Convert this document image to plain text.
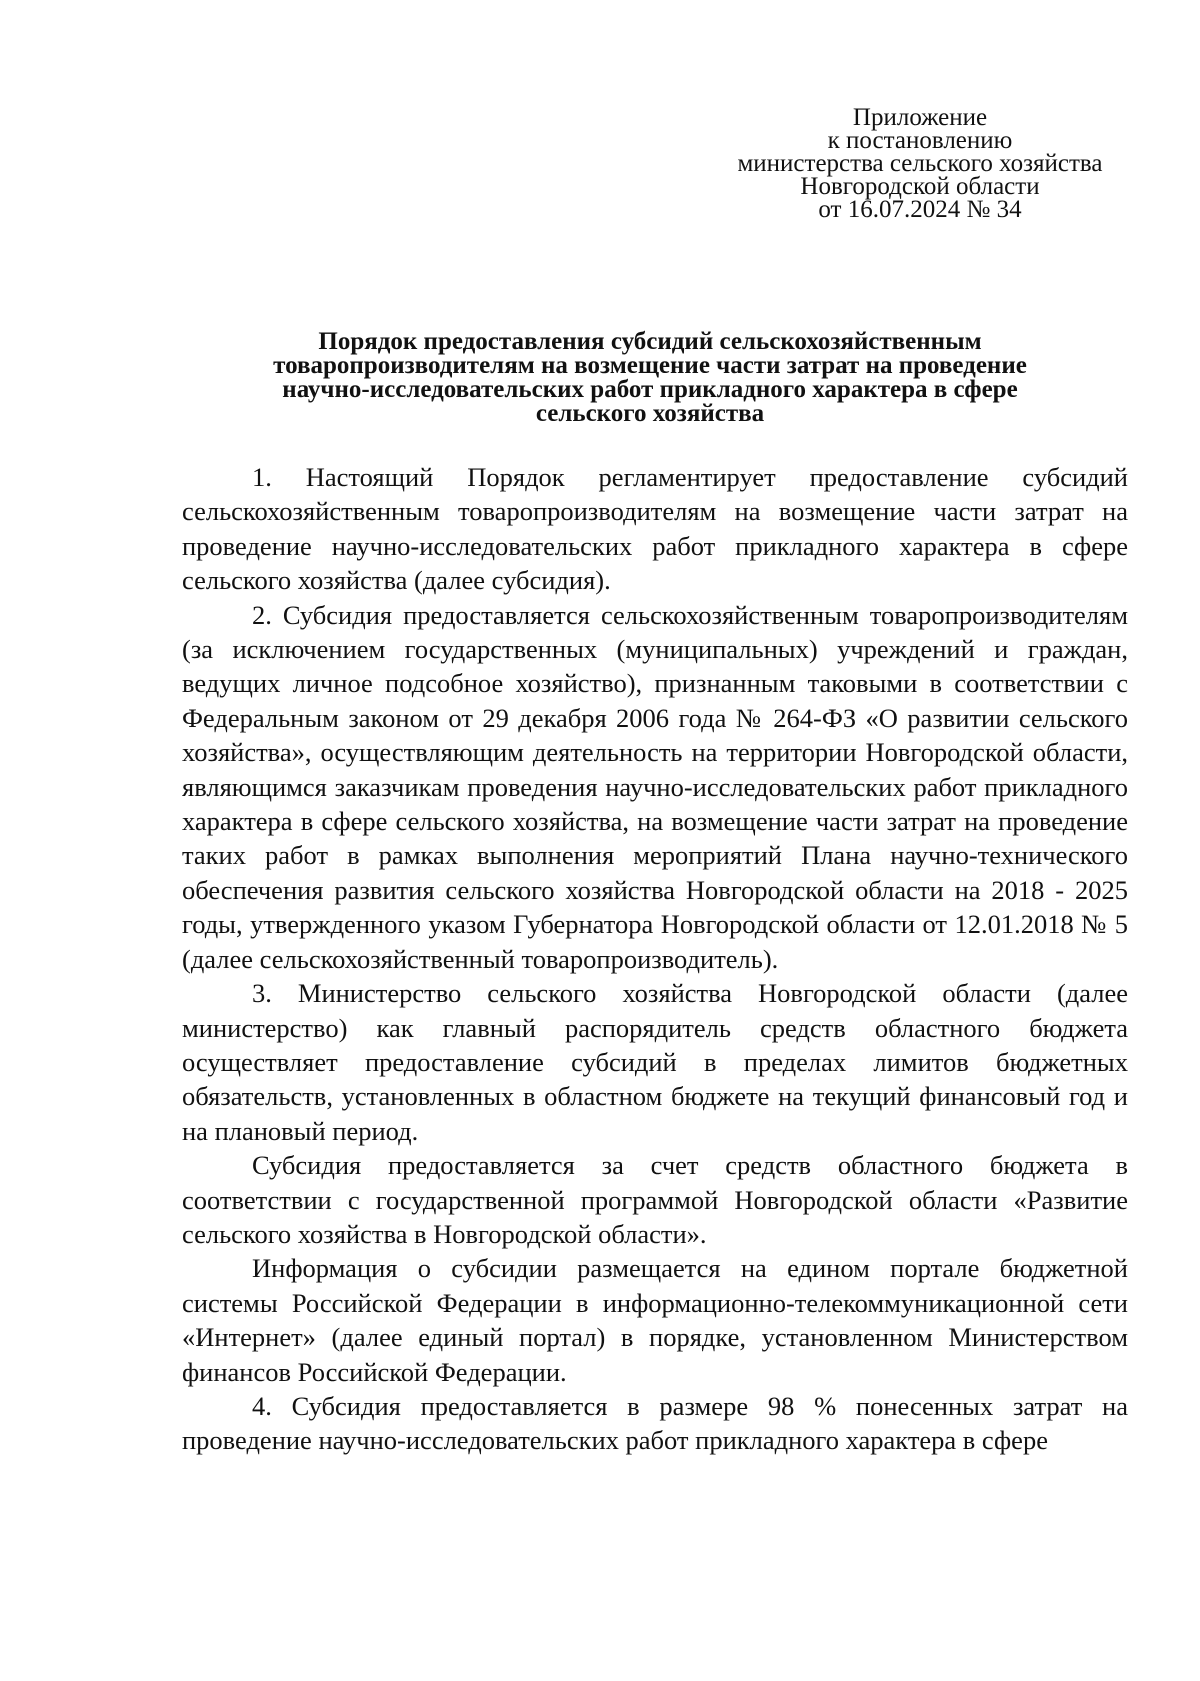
Приложение
к постановлению
министерства сельского хозяйства
Новгородской области
от 16.07.2024 № 34
Порядок предоставления субсидий сельскохозяйственным
товаропроизводителям на возмещение части затрат на проведение
научно-исследовательских работ прикладного характера в сфере
сельского хозяйства

1. Настоящий Порядок регламентирует предоставление субсидий сельскохозяйственным товаропроизводителям на возмещение части затрат на проведение научно-исследовательских работ прикладного характера в сфере сельского хозяйства (далее субсидия).

2. Субсидия предоставляется сельскохозяйственным товаропроизводителям (за исключением государственных (муниципальных) учреждений и граждан, ведущих личное подсобное хозяйство), признанным таковыми в соответствии с Федеральным законом от 29 декабря 2006 года № 264-ФЗ «О развитии сельского хозяйства», осуществляющим деятельность на территории Новгородской области, являющимся заказчикам проведения научно-исследовательских работ прикладного характера в сфере сельского хозяйства, на возмещение части затрат на проведение таких работ в рамках выполнения мероприятий Плана научно-технического обеспечения развития сельского хозяйства Новгородской области на 2018 - 2025 годы, утвержденного указом Губернатора Новгородской области от 12.01.2018 № 5 (далее сельскохозяйственный товаропроизводитель).

3. Министерство сельского хозяйства Новгородской области (далее министерство) как главный распорядитель средств областного бюджета осуществляет предоставление субсидий в пределах лимитов бюджетных обязательств, установленных в областном бюджете на текущий финансовый год и на плановый период.

Субсидия предоставляется за счет средств областного бюджета в соответствии с государственной программой Новгородской области «Развитие сельского хозяйства в Новгородской области».

Информация о субсидии размещается на едином портале бюджетной системы Российской Федерации в информационно-телекоммуникационной сети «Интернет» (далее единый портал) в порядке, установленном Министерством финансов Российской Федерации.

4. Субсидия предоставляется в размере 98 % понесенных затрат на проведение научно-исследовательских работ прикладного характера в сфере
